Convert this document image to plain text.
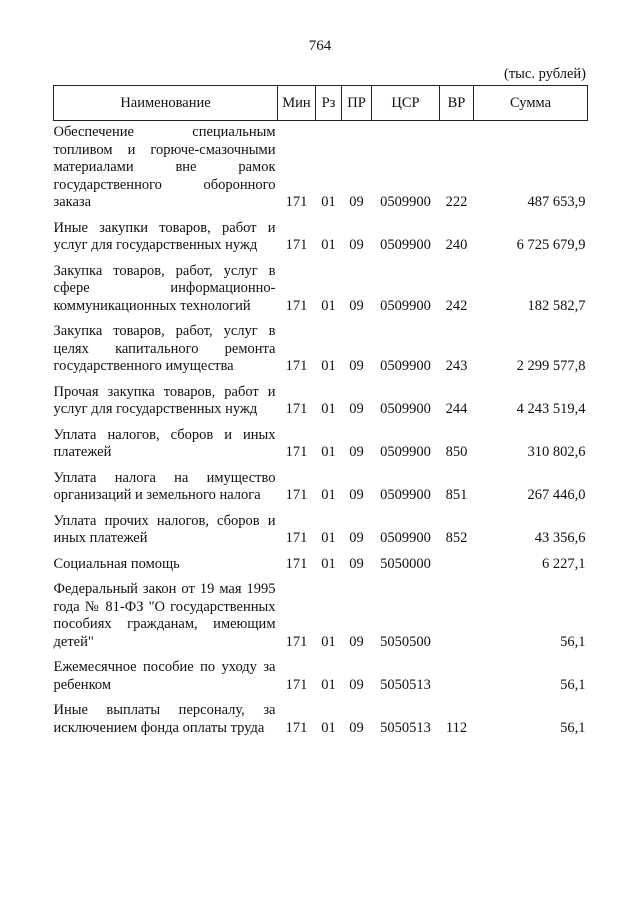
764
(тыс. рублей)
Наименование	Мин	Рз	ПР	ЦСР	ВР	Сумма
Обеспечение специальным топливом и горюче-смазочными материалами вне рамок государственного оборонного заказа	171	01	09	0509900	222	487 653,9
Иные закупки товаров, работ и услуг для государственных нужд	171	01	09	0509900	240	6 725 679,9
Закупка товаров, работ, услуг в сфере информационно-коммуникационных технологий	171	01	09	0509900	242	182 582,7
Закупка товаров, работ, услуг в целях капитального ремонта государственного имущества	171	01	09	0509900	243	2 299 577,8
Прочая закупка товаров, работ и услуг для государственных нужд	171	01	09	0509900	244	4 243 519,4
Уплата налогов, сборов и иных платежей	171	01	09	0509900	850	310 802,6
Уплата налога на имущество организаций и земельного налога	171	01	09	0509900	851	267 446,0
Уплата прочих налогов, сборов и иных платежей	171	01	09	0509900	852	43 356,6
Социальная помощь	171	01	09	5050000		6 227,1
Федеральный закон от 19 мая 1995 года № 81-ФЗ "О государственных пособиях гражданам, имеющим детей"	171	01	09	5050500		56,1
Ежемесячное пособие по уходу за ребенком	171	01	09	5050513		56,1
Иные выплаты персоналу, за исключением фонда оплаты труда	171	01	09	5050513	112	56,1
